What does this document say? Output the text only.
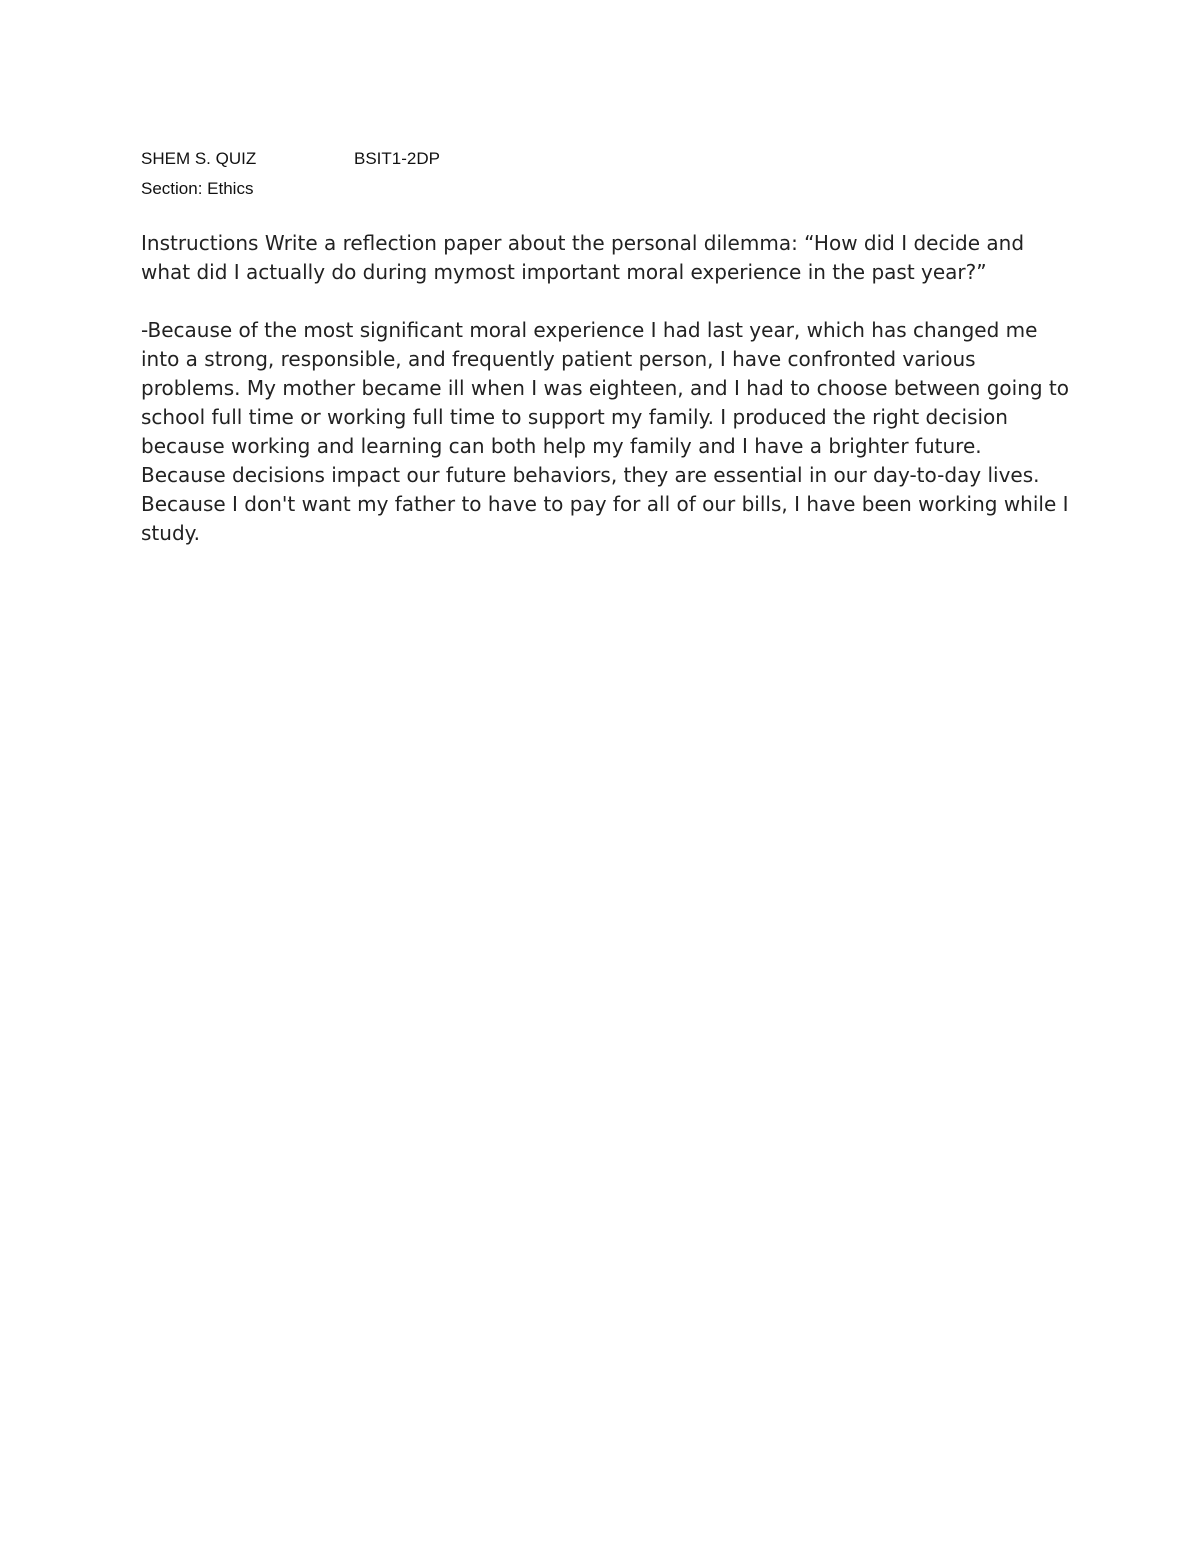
SHEM S. QUIZ	BSIT1-2DP
Section: Ethics

Instructions Write a reflection paper about the personal dilemma: “How did I decide and what did I actually do during mymost important moral experience in the past year?”

-Because of the most significant moral experience I had last year, which has changed me into a strong, responsible, and frequently patient person, I have confronted various problems. My mother became ill when I was eighteen, and I had to choose between going to school full time or working full time to support my family. I produced the right decision because working and learning can both help my family and I have a brighter future. Because decisions impact our future behaviors, they are essential in our day-to-day lives. Because I don't want my father to have to pay for all of our bills, I have been working while I study.
